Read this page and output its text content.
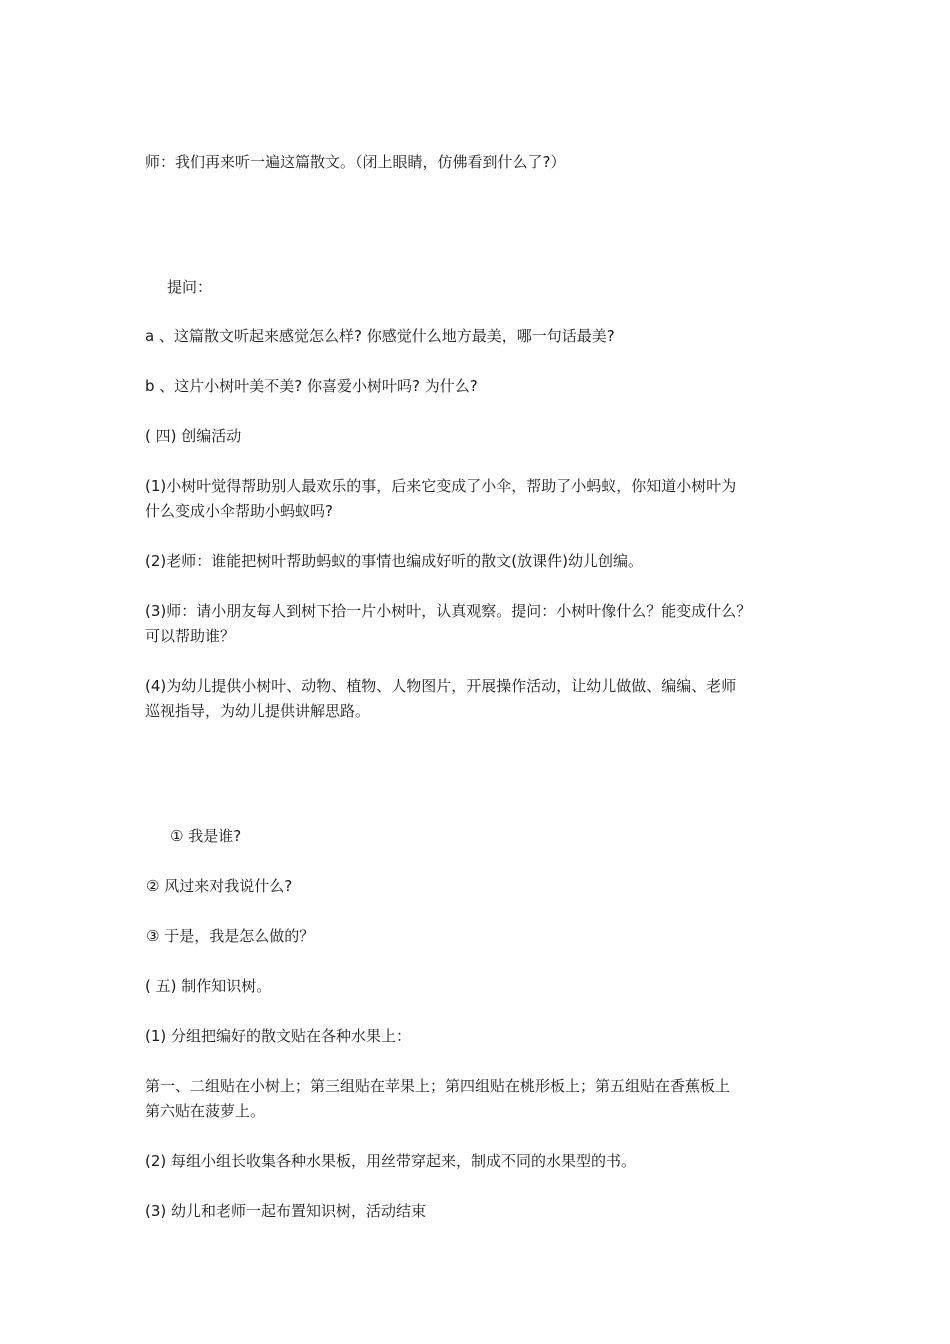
师：我们再来听一遍这篇散文。（闭上眼睛，仿佛看到什么了?）
提问：
a 、这篇散文听起来感觉怎么样? 你感觉什么地方最美，哪一句话最美?
b 、这片小树叶美不美? 你喜爱小树叶吗? 为什么?
( 四) 创编活动
(1)小树叶觉得帮助别人最欢乐的事，后来它变成了小伞，帮助了小蚂蚁，你知道小树叶为
什么变成小伞帮助小蚂蚁吗?
(2)老师：谁能把树叶帮助蚂蚁的事情也编成好听的散文(放课件)幼儿创编。
(3)师：请小朋友每人到树下拾一片小树叶，认真观察。提问：小树叶像什么？能变成什么？
可以帮助谁？
(4)为幼儿提供小树叶、动物、植物、人物图片，开展操作活动，让幼儿做做、编编、老师
巡视指导，为幼儿提供讲解思路。
① 我是谁?
② 风过来对我说什么?
③ 于是，我是怎么做的？
( 五) 制作知识树。
(1) 分组把编好的散文贴在各种水果上：
第一、二组贴在小树上；第三组贴在苹果上；第四组贴在桃形板上；第五组贴在香蕉板上
第六贴在菠萝上。
(2) 每组小组长收集各种水果板，用丝带穿起来，制成不同的水果型的书。
(3) 幼儿和老师一起布置知识树，活动结束
